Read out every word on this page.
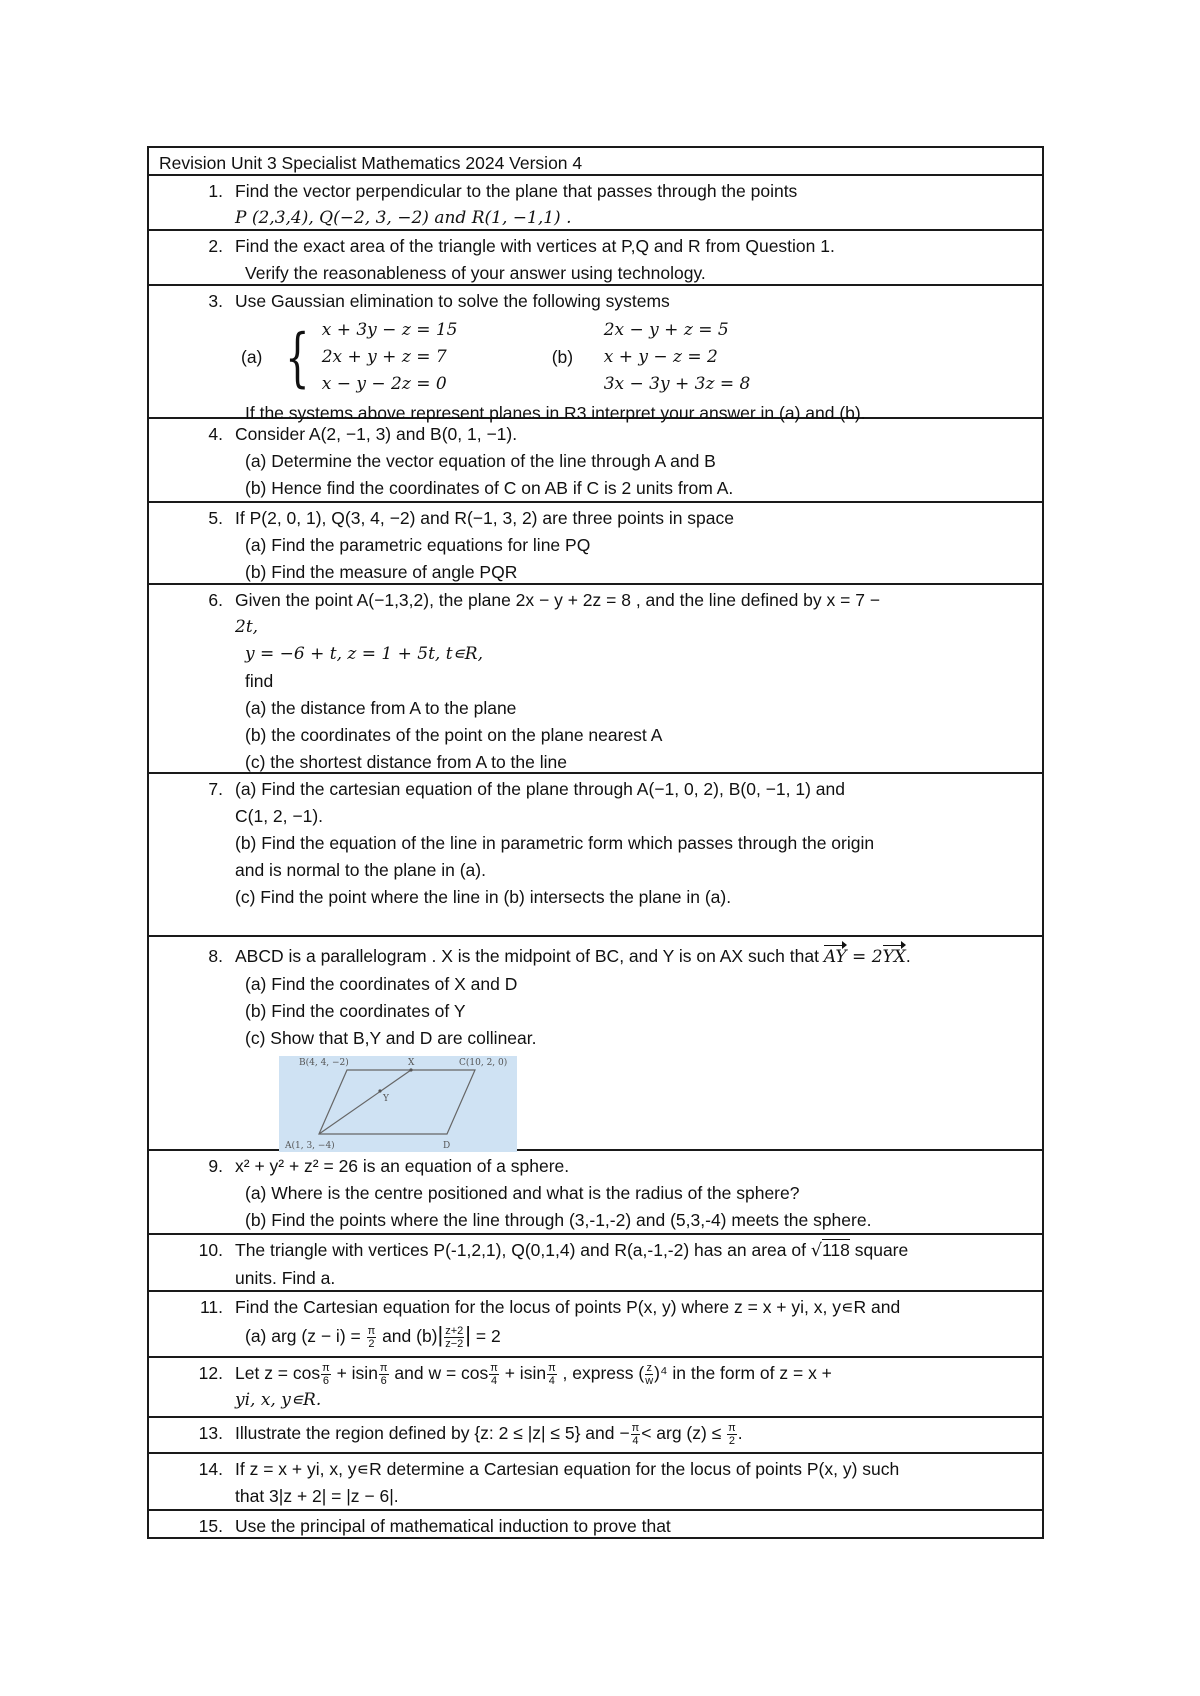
Revision Unit 3 Specialist Mathematics 2024 Version 4
1. Find the vector perpendicular to the plane that passes through the points
P (2,3,4), Q(−2, 3, −2) and R(1, −1,1) .
2. Find the exact area of the triangle with vertices at P,Q and R from Question 1.
Verify the reasonableness of your answer using technology.
3. Use Gaussian elimination to solve the following systems
(a) { x + 3y − z = 15
2x + y + z = 7
x − y − 2z = 0
(b)
2x − y + z = 5
x + y − z = 2
3x − 3y + 3z = 8
If the systems above represent planes in R3 interpret your answer in (a) and (b).
4. Consider A(2, −1, 3) and B(0, 1, −1).
(a) Determine the vector equation of the line through A and B
(b) Hence find the coordinates of C on AB if C is 2 units from A.
5. If P(2, 0, 1), Q(3, 4, −2) and R(−1, 3, 2) are three points in space
(a) Find the parametric equations for line PQ
(b) Find the measure of angle PQR
6. Given the point A(−1,3,2), the plane 2x − y + 2z = 8 , and the line defined by x = 7 −
2t,
y = −6 + t, z = 1 + 5t, t∊R,
find
(a) the distance from A to the plane
(b) the coordinates of the point on the plane nearest A
(c) the shortest distance from A to the line
7. (a) Find the cartesian equation of the plane through A(−1, 0, 2), B(0, −1, 1) and
C(1, 2, −1).
(b) Find the equation of the line in parametric form which passes through the origin
and is normal to the plane in (a).
(c) Find the point where the line in (b) intersects the plane in (a).
8. ABCD is a parallelogram . X is the midpoint of BC, and Y is on AX such that AY = 2YX.
(a) Find the coordinates of X and D
(b) Find the coordinates of Y
(c) Show that B,Y and D are collinear.
B(4, 4, −2)	X	C(10, 2, 0)
Y
A(1, 3, −4)	D
9. x² + y² + z² = 26 is an equation of a sphere.
(a) Where is the centre positioned and what is the radius of the sphere?
(b) Find the points where the line through (3,-1,-2) and (5,3,-4) meets the sphere.
10. The triangle with vertices P(-1,2,1), Q(0,1,4) and R(a,-1,-2) has an area of √118 square
units. Find a.
11. Find the Cartesian equation for the locus of points P(x, y) where z = x + yi, x, y∊R and
(a) arg $(z - i) = \frac{\pi}{2}$ and $(b)| \frac{z+2}{z-2}$ | = 2
12. Let $z = \cos \frac{\pi}{6} + isin \frac{\pi}{6}$ and $w = \cos \frac{\pi}{4} + isin \frac{\pi}{4}$ , express ( $\frac{z}{w} )^4$ in the form of z = x +
yi, x, y∊R.
13. Illustrate the region defined by {z: 2 ≤ |z| ≤ 5} and − $\frac{\pi}{4}$ < arg $(z) \le \frac{\pi}{2}$ .
14. If z = x + yi, x, y∊R determine a Cartesian equation for the locus of points P(x, y) such
that 3|z + 2| = |z − 6|.
15. Use the principal of mathematical induction to prove that
